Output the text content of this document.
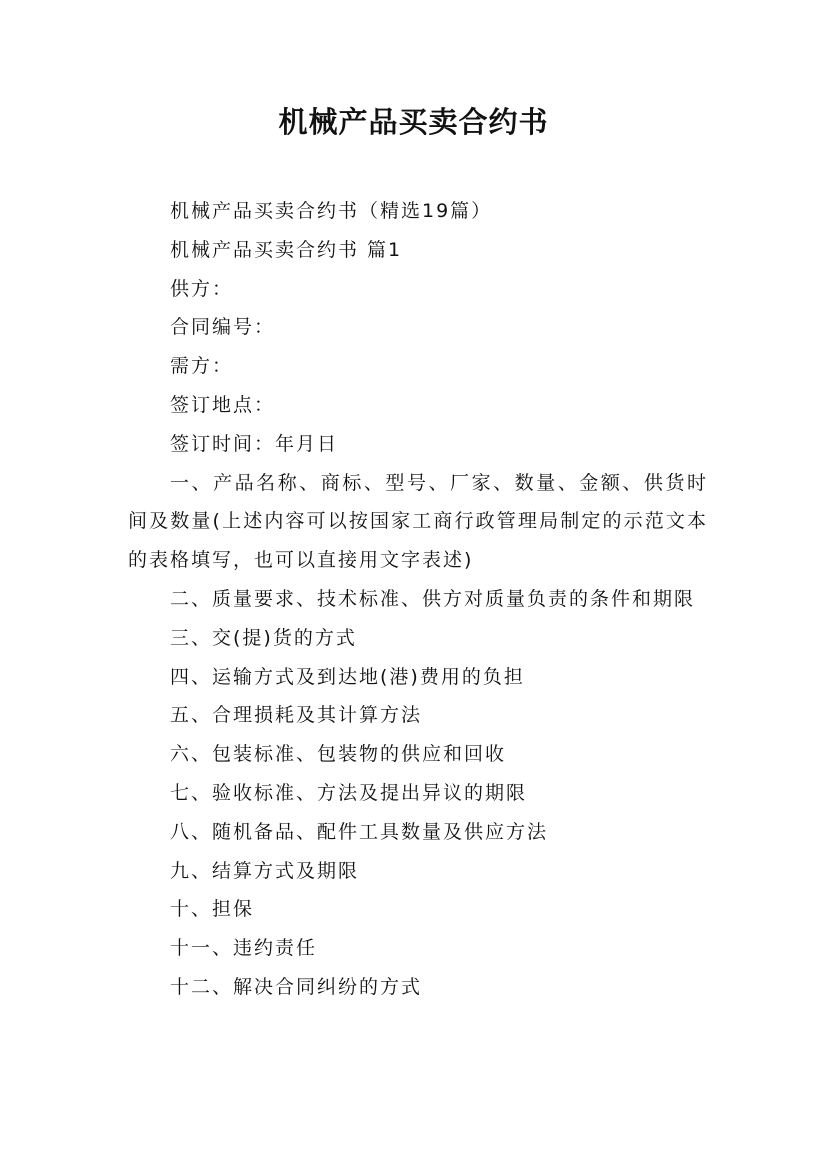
机械产品买卖合约书

机械产品买卖合约书（精选19篇）

机械产品买卖合约书 篇1

供方：

合同编号：

需方：

签订地点：

签订时间：年月日

一、产品名称、商标、型号、厂家、数量、金额、供货时间及数量(上述内容可以按国家工商行政管理局制定的示范文本的表格填写，也可以直接用文字表述)

二、质量要求、技术标准、供方对质量负责的条件和期限

三、交(提)货的方式

四、运输方式及到达地(港)费用的负担

五、合理损耗及其计算方法

六、包装标准、包装物的供应和回收

七、验收标准、方法及提出异议的期限

八、随机备品、配件工具数量及供应方法

九、结算方式及期限

十、担保

十一、违约责任

十二、解决合同纠纷的方式
